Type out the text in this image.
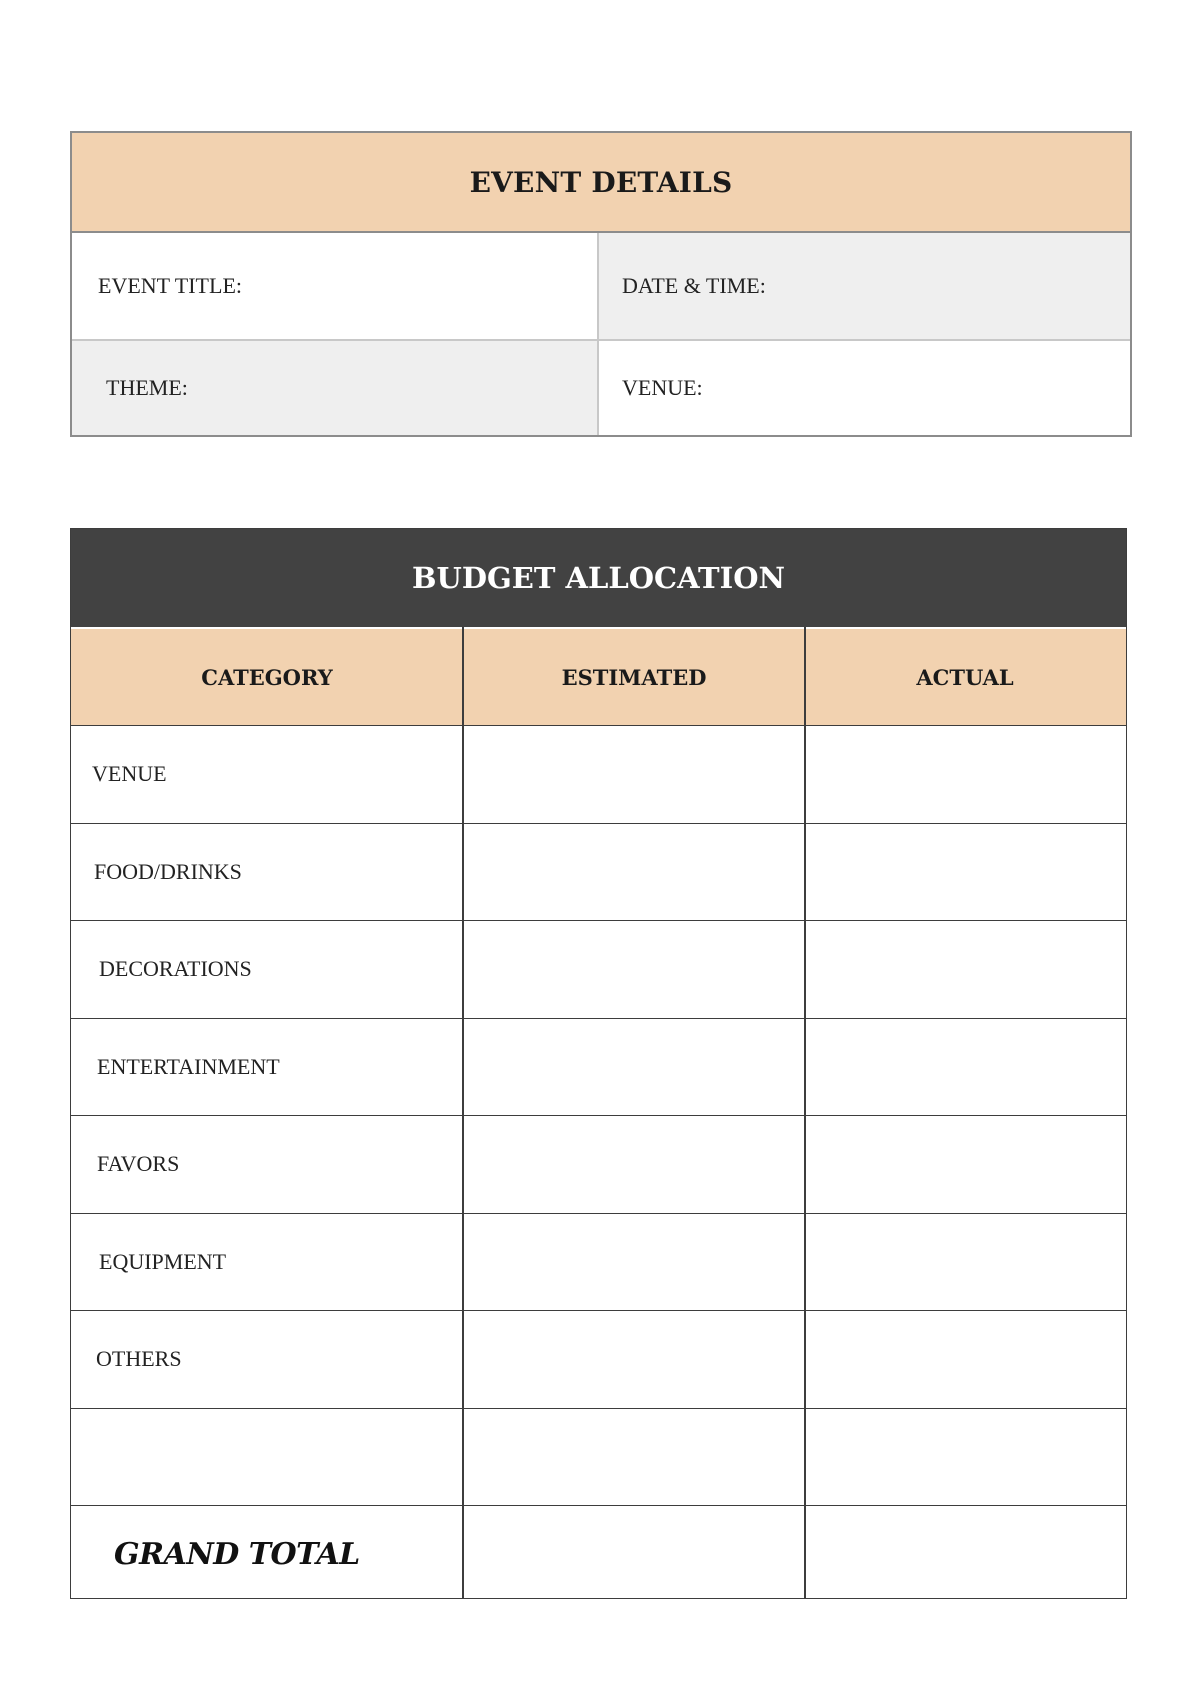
EVENT DETAILS
EVENT TITLE:	DATE & TIME:
THEME:	VENUE:
BUDGET ALLOCATION
CATEGORY	ESTIMATED	ACTUAL
VENUE
FOOD/DRINKS
DECORATIONS
ENTERTAINMENT
FAVORS
EQUIPMENT
OTHERS
GRAND TOTAL
